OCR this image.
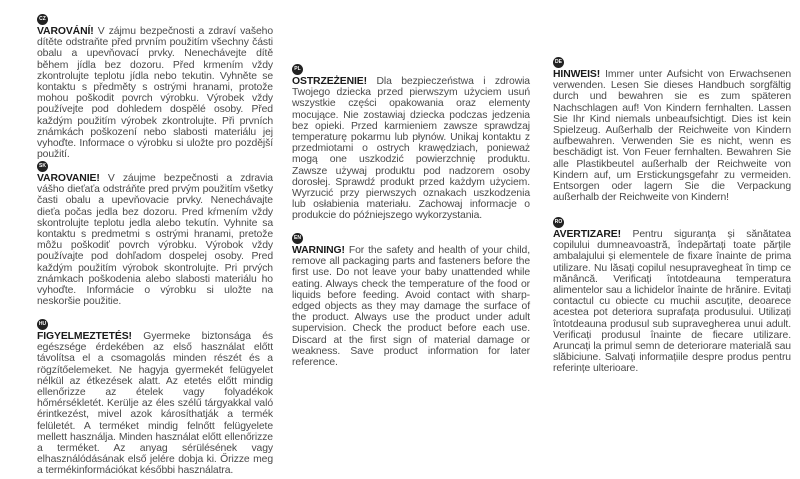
CZ

VAROVÁNÍ! V zájmu bezpečnosti a zdraví vašeho dítěte odstraňte před prvním použitím všechny části obalu a upevňovací prvky. Nenechávejte dítě během jídla bez dozoru. Před krmením vždy zkontrolujte teplotu jídla nebo tekutin. Vyhněte se kontaktu s předměty s ostrými hranami, protože mohou poškodit povrch výrobku. Výrobek vždy používejte pod dohledem dospělé osoby. Před každým použitím výrobek zkontrolujte. Při prvních známkách poškození nebo slabosti materiálu jej vyhoďte. Informace o výrobku si uložte pro pozdější použití.

SK

VAROVANIE! V záujme bezpečnosti a zdravia vášho dieťaťa odstráňte pred prvým použitím všetky časti obalu a upevňovacie prvky. Nenechávajte dieťa počas jedla bez dozoru. Pred kŕmením vždy skontrolujte teplotu jedla alebo tekutín. Vyhnite sa kontaktu s predmetmi s ostrými hranami, pretože môžu poškodiť povrch výrobku. Výrobok vždy používajte pod dohľadom dospelej osoby. Pred každým použitím výrobok skontrolujte. Pri prvých známkach poškodenia alebo slabosti materiálu ho vyhoďte. Informácie o výrobku si uložte na neskoršie použitie.

HU

FIGYELMEZTETÉS! Gyermeke biztonsága és egészsége érdekében az első használat előtt távolítsa el a csomagolás minden részét és a rögzítőelemeket. Ne hagyja gyermekét felügyelet nélkül az étkezések alatt. Az etetés előtt mindig ellenőrizze az ételek vagy folyadékok hőmérsékletét. Kerülje az éles szélű tárgyakkal való érintkezést, mivel azok károsíthatják a termék felületét. A terméket mindig felnőtt felügyelete mellett használja. Minden használat előtt ellenőrizze a terméket. Az anyag sérülésének vagy elhasználódásának első jelére dobja ki. Őrizze meg a termékinformációkat későbbi használatra.

PL

OSTRZEŻENIE! Dla bezpieczeństwa i zdrowia Twojego dziecka przed pierwszym użyciem usuń wszystkie części opakowania oraz elementy mocujące. Nie zostawiaj dziecka podczas jedzenia bez opieki. Przed karmieniem zawsze sprawdzaj temperaturę pokarmu lub płynów. Unikaj kontaktu z przedmiotami o ostrych krawędziach, ponieważ mogą one uszkodzić powierzchnię produktu. Zawsze używaj produktu pod nadzorem osoby dorosłej. Sprawdź produkt przed każdym użyciem. Wyrzucić przy pierwszych oznakach uszkodzenia lub osłabienia materiału. Zachowaj informacje o produkcie do późniejszego wykorzystania.

EN

WARNING! For the safety and health of your child, remove all packaging parts and fasteners before the first use. Do not leave your baby unattended while eating. Always check the temperature of the food or liquids before feeding. Avoid contact with sharp-edged objects as they may damage the surface of the product. Always use the product under adult supervision. Check the product before each use. Discard at the first sign of material damage or weakness. Save product information for later reference.

DE

HINWEIS! Immer unter Aufsicht von Erwachsenen verwenden. Lesen Sie dieses Handbuch sorgfältig durch und bewahren sie es zum späteren Nachschlagen auf! Von Kindern fernhalten. Lassen Sie Ihr Kind niemals unbeaufsichtigt. Dies ist kein Spielzeug. Außerhalb der Reichweite von Kindern aufbewahren. Verwenden Sie es nicht, wenn es beschädigt ist. Von Feuer fernhalten. Bewahren Sie alle Plastikbeutel außerhalb der Reichweite von Kindern auf, um Erstickungsgefahr zu vermeiden. Entsorgen oder lagern Sie die Verpackung außerhalb der Reichweite von Kindern!

RO

AVERTIZARE! Pentru siguranța și sănătatea copilului dumneavoastră, îndepărtați toate părțile ambalajului și elementele de fixare înainte de prima utilizare. Nu lăsați copilul nesupravegheat în timp ce mănâncă. Verificați întotdeauna temperatura alimentelor sau a lichidelor înainte de hrănire. Evitați contactul cu obiecte cu muchii ascuțite, deoarece acestea pot deteriora suprafața produsului. Utilizați întotdeauna produsul sub supravegherea unui adult. Verificați produsul înainte de fiecare utilizare. Aruncați la primul semn de deteriorare materială sau slăbiciune. Salvați informațiile despre produs pentru referințe ulterioare.
